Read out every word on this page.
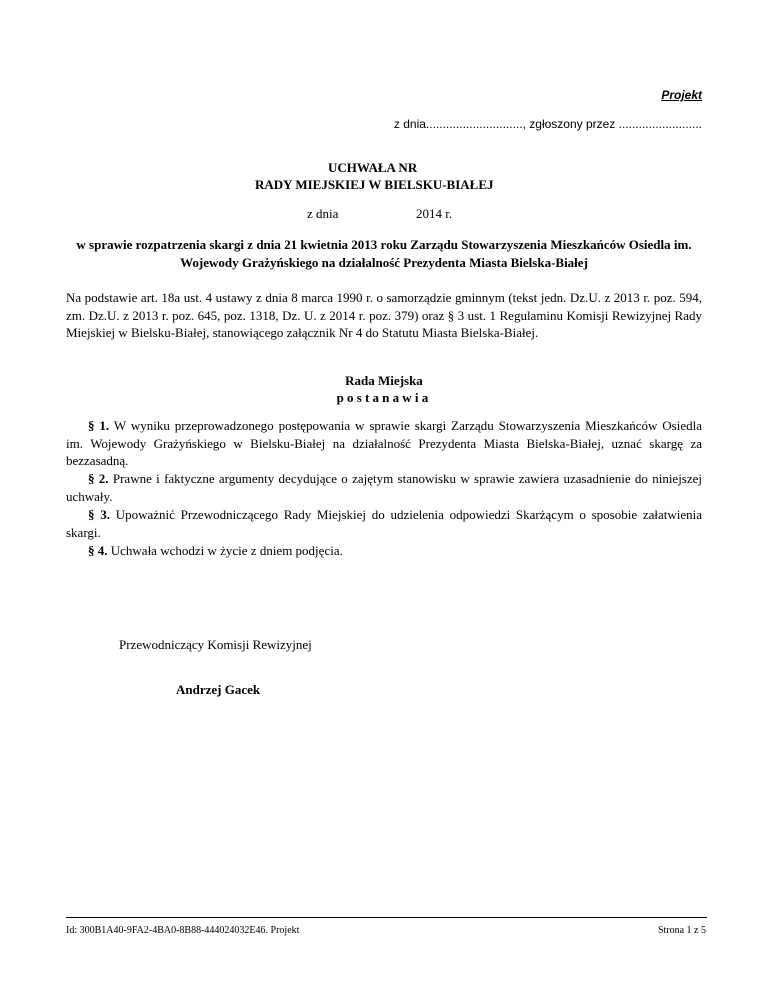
Projekt
z dnia............................., zgłoszony przez .........................
UCHWAŁA NR
RADY MIEJSKIEJ W BIELSKU-BIAŁEJ
z dnia	2014 r.
w sprawie rozpatrzenia skargi z dnia 21 kwietnia 2013 roku Zarządu Stowarzyszenia Mieszkańców Osiedla im. Wojewody Grażyńskiego na działalność Prezydenta Miasta Bielska-Białej
Na podstawie art. 18a ust. 4 ustawy z dnia 8 marca 1990 r. o samorządzie gminnym (tekst jedn. Dz.U. z 2013 r. poz. 594, zm. Dz.U. z 2013 r. poz. 645, poz. 1318, Dz. U. z 2014 r. poz. 379) oraz § 3 ust. 1 Regulaminu Komisji Rewizyjnej Rady Miejskiej w Bielsku-Białej, stanowiącego załącznik Nr 4 do Statutu Miasta Bielska-Białej.
Rada Miejska
postanawia
§ 1. W wyniku przeprowadzonego postępowania w sprawie skargi Zarządu Stowarzyszenia Mieszkańców Osiedla im. Wojewody Grażyńskiego w Bielsku-Białej na działalność Prezydenta Miasta Bielska-Białej, uznać skargę za bezzasadną.
§ 2. Prawne i faktyczne argumenty decydujące o zajętym stanowisku w sprawie zawiera uzasadnienie do niniejszej uchwały.
§ 3. Upoważnić Przewodniczącego Rady Miejskiej do udzielenia odpowiedzi Skarżącym o sposobie załatwienia skargi.
§ 4. Uchwała wchodzi w życie z dniem podjęcia.
Przewodniczący Komisji Rewizyjnej
Andrzej Gacek
Id: 300B1A40-9FA2-4BA0-8B88-444024032E46. Projekt	Strona 1 z 5
